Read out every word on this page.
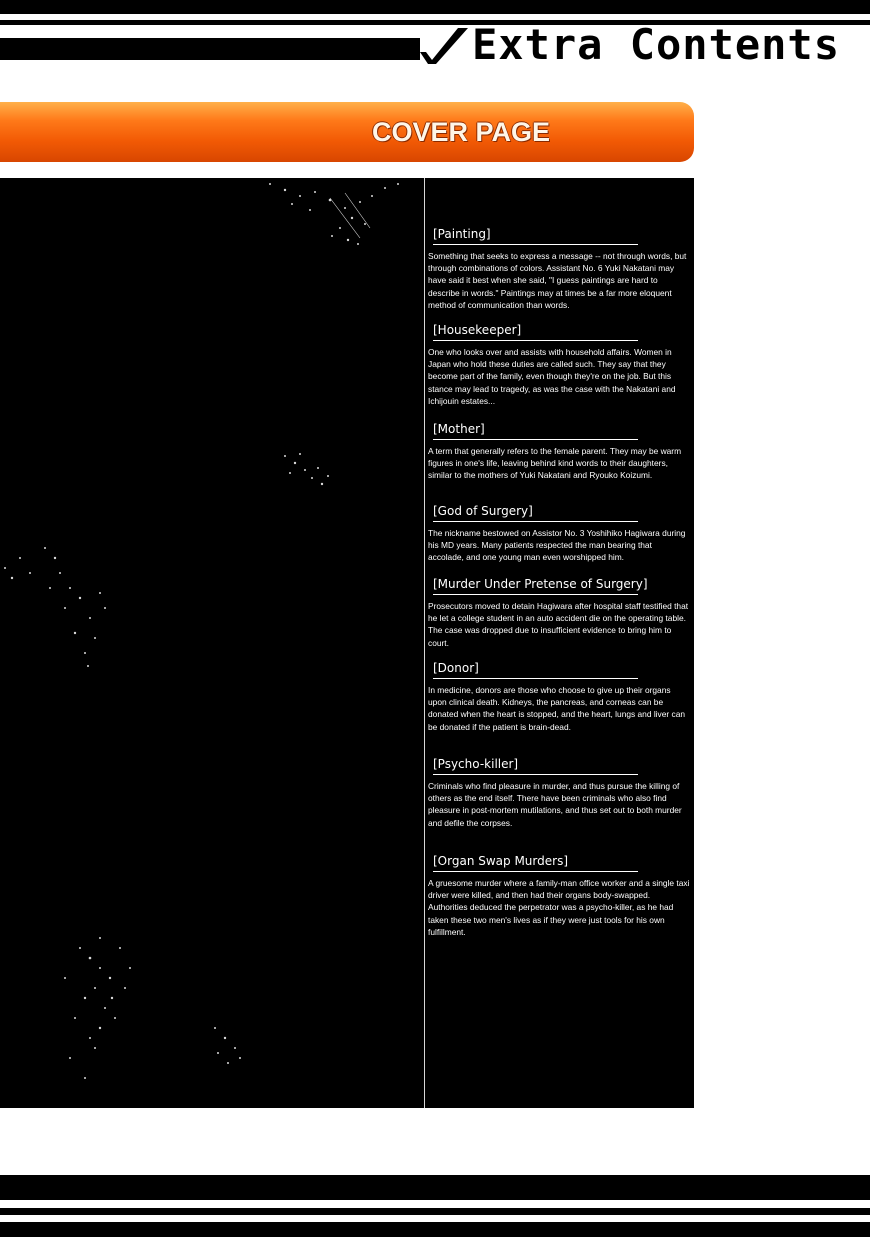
Extra Contents
COVER PAGE
[Painting]
Something that seeks to express a message -- not through words, but through combinations of colors. Assistant No. 6 Yuki Nakatani may have said it best when she said, "I guess paintings are hard to describe in words." Paintings may at times be a far more eloquent method of communication than words.
[Housekeeper]
One who looks over and assists with household affairs. Women in Japan who hold these duties are called such. They say that they become part of the family, even though they're on the job. But this stance may lead to tragedy, as was the case with the Nakatani and Ichijouin estates...
[Mother]
A term that generally refers to the female parent. They may be warm figures in one's life, leaving behind kind words to their daughters, similar to the mothers of Yuki Nakatani and Ryouko Koizumi.
[God of Surgery]
The nickname bestowed on Assistor No. 3 Yoshihiko Hagiwara during his MD years. Many patients respected the man bearing that accolade, and one young man even worshipped him.
[Murder Under Pretense of Surgery]
Prosecutors moved to detain Hagiwara after hospital staff testified that he let a college student in an auto accident die on the operating table. The case was dropped due to insufficient evidence to bring him to court.
[Donor]
In medicine, donors are those who choose to give up their organs upon clinical death. Kidneys, the pancreas, and corneas can be donated when the heart is stopped, and the heart, lungs and liver can be donated if the patient is brain-dead.
[Psycho-killer]
Criminals who find pleasure in murder, and thus pursue the killing of others as the end itself. There have been criminals who also find pleasure in post-mortem mutilations, and thus set out to both murder and defile the corpses.
[Organ Swap Murders]
A gruesome murder where a family-man office worker and a single taxi driver were killed, and then had their organs body-swapped. Authorities deduced the perpetrator was a psycho-killer, as he had taken these two men's lives as if they were just tools for his own fulfillment.
